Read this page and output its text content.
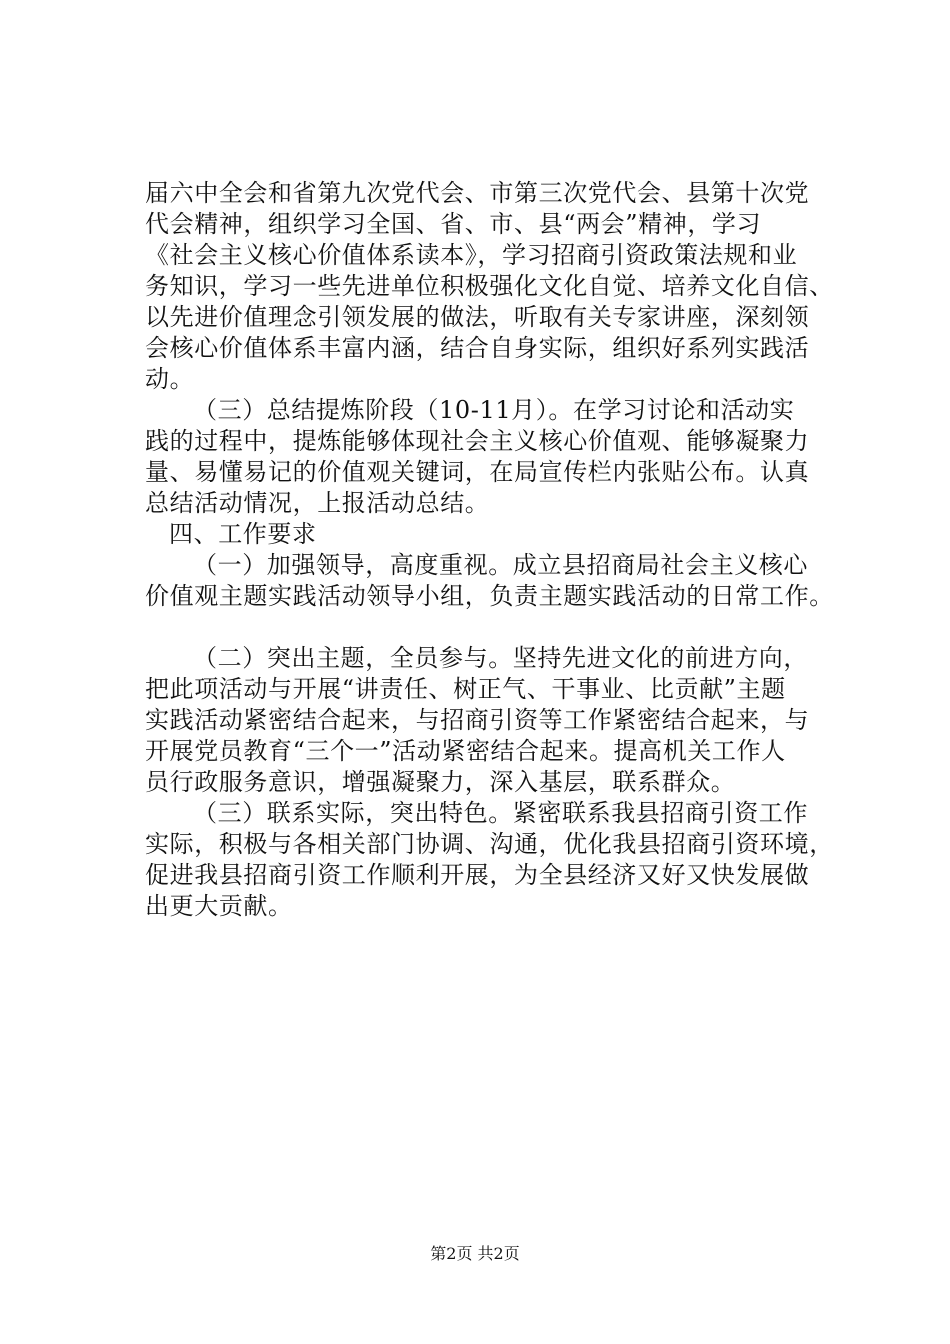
届六中全会和省第九次党代会、市第三次党代会、县第十次党
代会精神，组织学习全国、省、市、县“两会”精神，学习
《社会主义核心价值体系读本》，学习招商引资政策法规和业
务知识，学习一些先进单位积极强化文化自觉、培养文化自信、
以先进价值理念引领发展的做法，听取有关专家讲座，深刻领
会核心价值体系丰富内涵，结合自身实际，组织好系列实践活
动。
（三）总结提炼阶段（10-11月）。在学习讨论和活动实
践的过程中，提炼能够体现社会主义核心价值观、能够凝聚力
量、易懂易记的价值观关键词，在局宣传栏内张贴公布。认真
总结活动情况，上报活动总结。
四、工作要求
（一）加强领导，高度重视。成立县招商局社会主义核心
价值观主题实践活动领导小组，负责主题实践活动的日常工作。
（二）突出主题，全员参与。坚持先进文化的前进方向，
把此项活动与开展“讲责任、树正气、干事业、比贡献”主题
实践活动紧密结合起来，与招商引资等工作紧密结合起来，与
开展党员教育“三个一”活动紧密结合起来。提高机关工作人
员行政服务意识，增强凝聚力，深入基层，联系群众。
（三）联系实际，突出特色。紧密联系我县招商引资工作
实际，积极与各相关部门协调、沟通，优化我县招商引资环境，
促进我县招商引资工作顺利开展，为全县经济又好又快发展做
出更大贡献。
第2页 共2页
